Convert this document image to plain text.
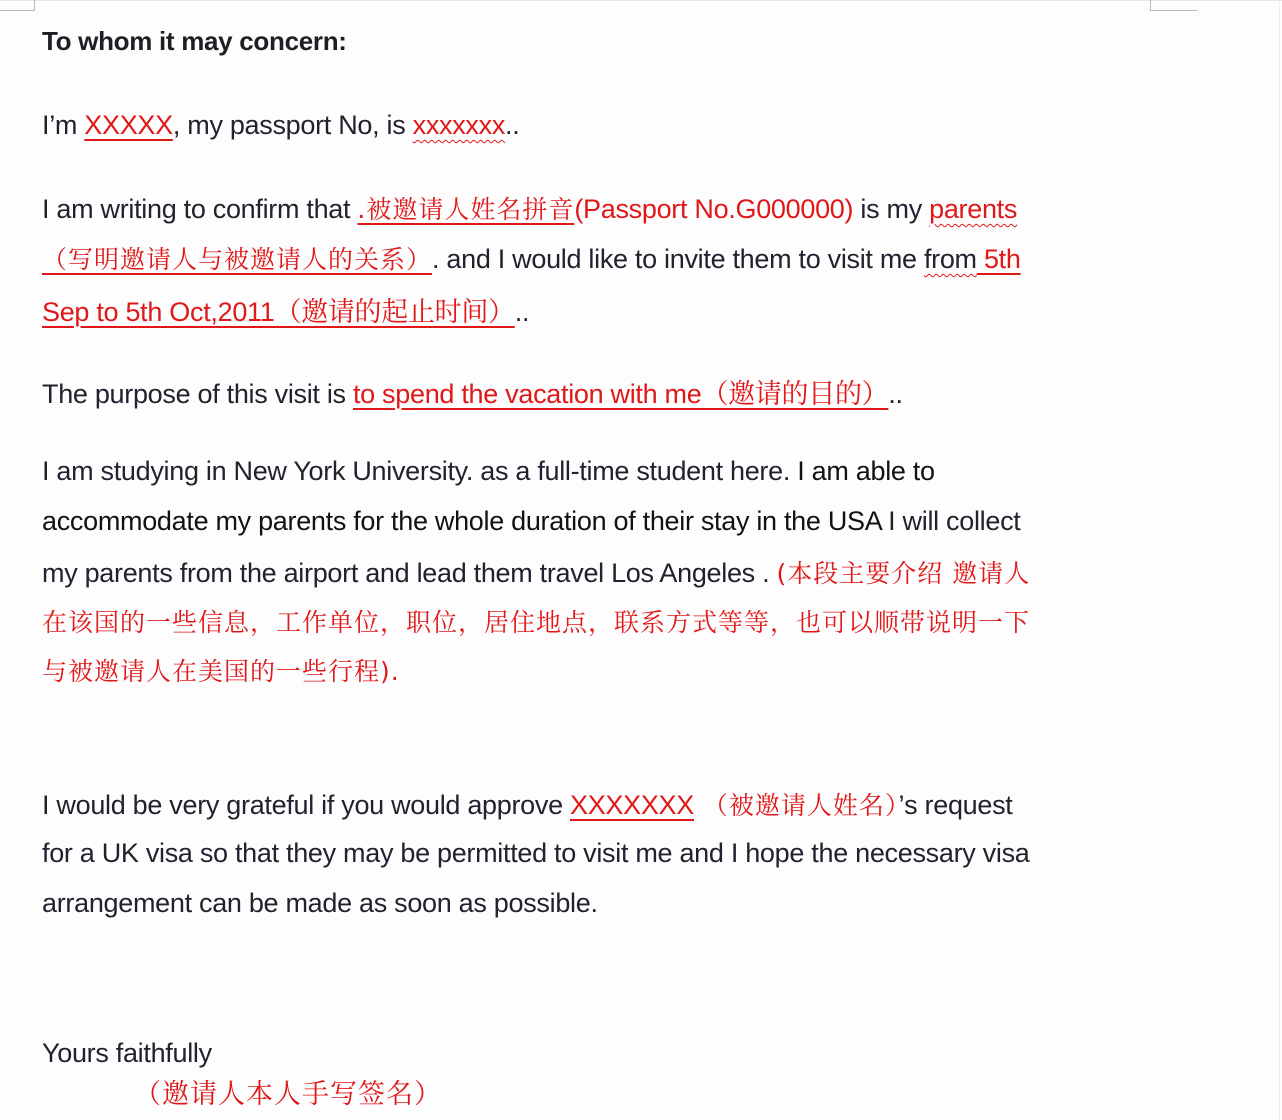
To whom it may concern:
I’m XXXXX, my passport No, is xxxxxxx..
I am writing to confirm that .被邀请人姓名拼音(Passport No.G000000) is my parents
（写明邀请人与被邀请人的关系）. and I would like to invite them to visit me from 5th
Sep to 5th Oct,2011（邀请的起止时间）..
The purpose of this visit is to spend the vacation with me（邀请的目的）..
I am studying in New York University. as a full-time student here. I am able to
accommodate my parents for the whole duration of their stay in the USA I will collect
my parents from the airport and lead them travel Los Angeles . (本段主要介绍 邀请人
在该国的一些信息，工作单位，职位，居住地点，联系方式等等，也可以顺带说明一下
与被邀请人在美国的一些行程).
I would be very grateful if you would approve XXXXXXX （被邀请人姓名）’s request
for a UK visa so that they may be permitted to visit me and I hope the necessary visa
arrangement can be made as soon as possible.
Yours faithfully
（邀请人本人手写签名）
